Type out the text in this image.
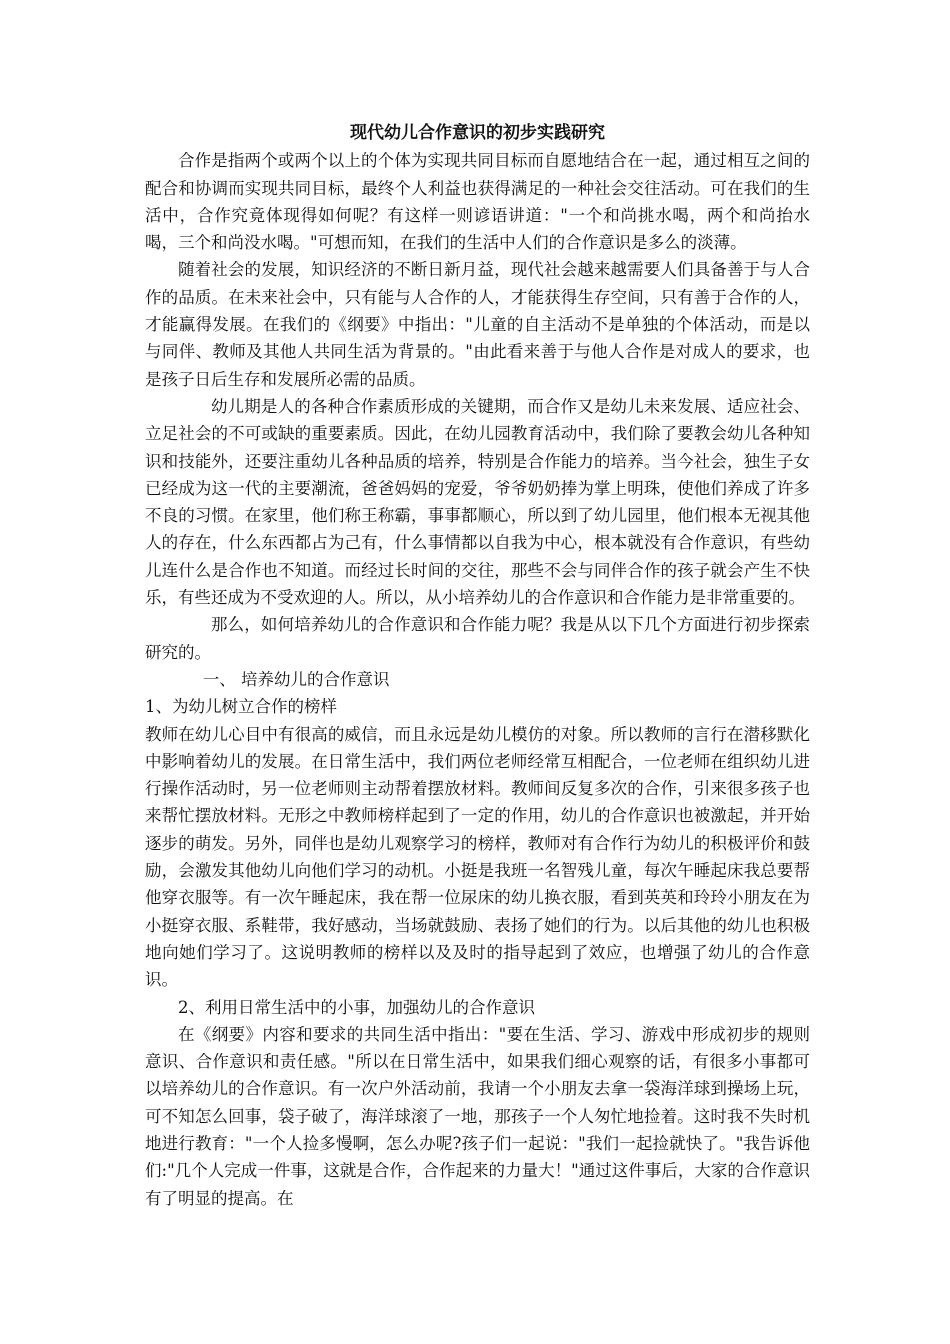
现代幼儿合作意识的初步实践研究

合作是指两个或两个以上的个体为实现共同目标而自愿地结合在一起，通过相互之间的配合和协调而实现共同目标，最终个人利益也获得满足的一种社会交往活动。可在我们的生活中，合作究竟体现得如何呢？有这样一则谚语讲道："一个和尚挑水喝，两个和尚抬水喝，三个和尚没水喝。"可想而知，在我们的生活中人们的合作意识是多么的淡薄。

随着社会的发展，知识经济的不断日新月益，现代社会越来越需要人们具备善于与人合作的品质。在未来社会中，只有能与人合作的人，才能获得生存空间，只有善于合作的人，才能赢得发展。在我们的《纲要》中指出："儿童的自主活动不是单独的个体活动，而是以与同伴、教师及其他人共同生活为背景的。"由此看来善于与他人合作是对成人的要求，也是孩子日后生存和发展所必需的品质。

幼儿期是人的各种合作素质形成的关键期，而合作又是幼儿未来发展、适应社会、立足社会的不可或缺的重要素质。因此，在幼儿园教育活动中，我们除了要教会幼儿各种知识和技能外，还要注重幼儿各种品质的培养，特别是合作能力的培养。当今社会，独生子女已经成为这一代的主要潮流，爸爸妈妈的宠爱，爷爷奶奶捧为掌上明珠，使他们养成了许多不良的习惯。在家里，他们称王称霸，事事都顺心，所以到了幼儿园里，他们根本无视其他人的存在，什么东西都占为己有，什么事情都以自我为中心，根本就没有合作意识，有些幼儿连什么是合作也不知道。而经过长时间的交往，那些不会与同伴合作的孩子就会产生不快乐，有些还成为不受欢迎的人。所以，从小培养幼儿的合作意识和合作能力是非常重要的。

那么，如何培养幼儿的合作意识和合作能力呢？我是从以下几个方面进行初步探索研究的。

一、 培养幼儿的合作意识

1、为幼儿树立合作的榜样

教师在幼儿心目中有很高的威信，而且永远是幼儿模仿的对象。所以教师的言行在潜移默化中影响着幼儿的发展。在日常生活中，我们两位老师经常互相配合，一位老师在组织幼儿进行操作活动时，另一位老师则主动帮着摆放材料。教师间反复多次的合作，引来很多孩子也来帮忙摆放材料。无形之中教师榜样起到了一定的作用，幼儿的合作意识也被激起，并开始逐步的萌发。另外，同伴也是幼儿观察学习的榜样，教师对有合作行为幼儿的积极评价和鼓励，会激发其他幼儿向他们学习的动机。小挺是我班一名智残儿童，每次午睡起床我总要帮他穿衣服等。有一次午睡起床，我在帮一位尿床的幼儿换衣服，看到英英和玲玲小朋友在为小挺穿衣服、系鞋带，我好感动，当场就鼓励、表扬了她们的行为。以后其他的幼儿也积极地向她们学习了。这说明教师的榜样以及及时的指导起到了效应，也增强了幼儿的合作意识。

2、利用日常生活中的小事，加强幼儿的合作意识

在《纲要》内容和要求的共同生活中指出："要在生活、学习、游戏中形成初步的规则意识、合作意识和责任感。"所以在日常生活中，如果我们细心观察的话，有很多小事都可以培养幼儿的合作意识。有一次户外活动前，我请一个小朋友去拿一袋海洋球到操场上玩，可不知怎么回事，袋子破了，海洋球滚了一地，那孩子一个人匆忙地捡着。这时我不失时机地进行教育："一个人捡多慢啊，怎么办呢?孩子们一起说："我们一起捡就快了。"我告诉他们:"几个人完成一件事，这就是合作，合作起来的力量大！"通过这件事后，大家的合作意识有了明显的提高。在
